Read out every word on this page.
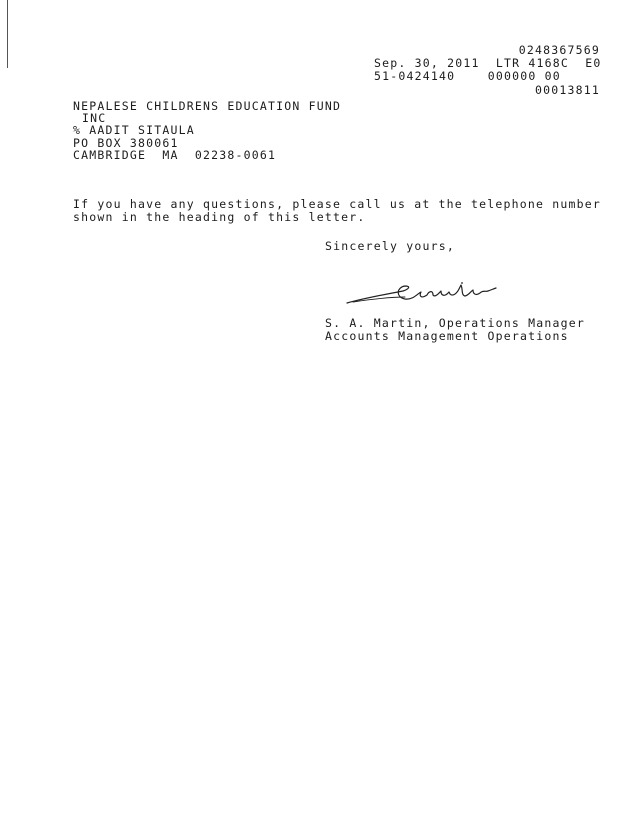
0248367569
Sep. 30, 2011  LTR 4168C  E0
51-0424140    000000 00
00013811
NEPALESE CHILDRENS EDUCATION FUND
INC
% AADIT SITAULA
PO BOX 380061
CAMBRIDGE  MA  02238-0061
If you have any questions, please call us at the telephone number
shown in the heading of this letter.
Sincerely yours,
S. A. Martin, Operations Manager
Accounts Management Operations
